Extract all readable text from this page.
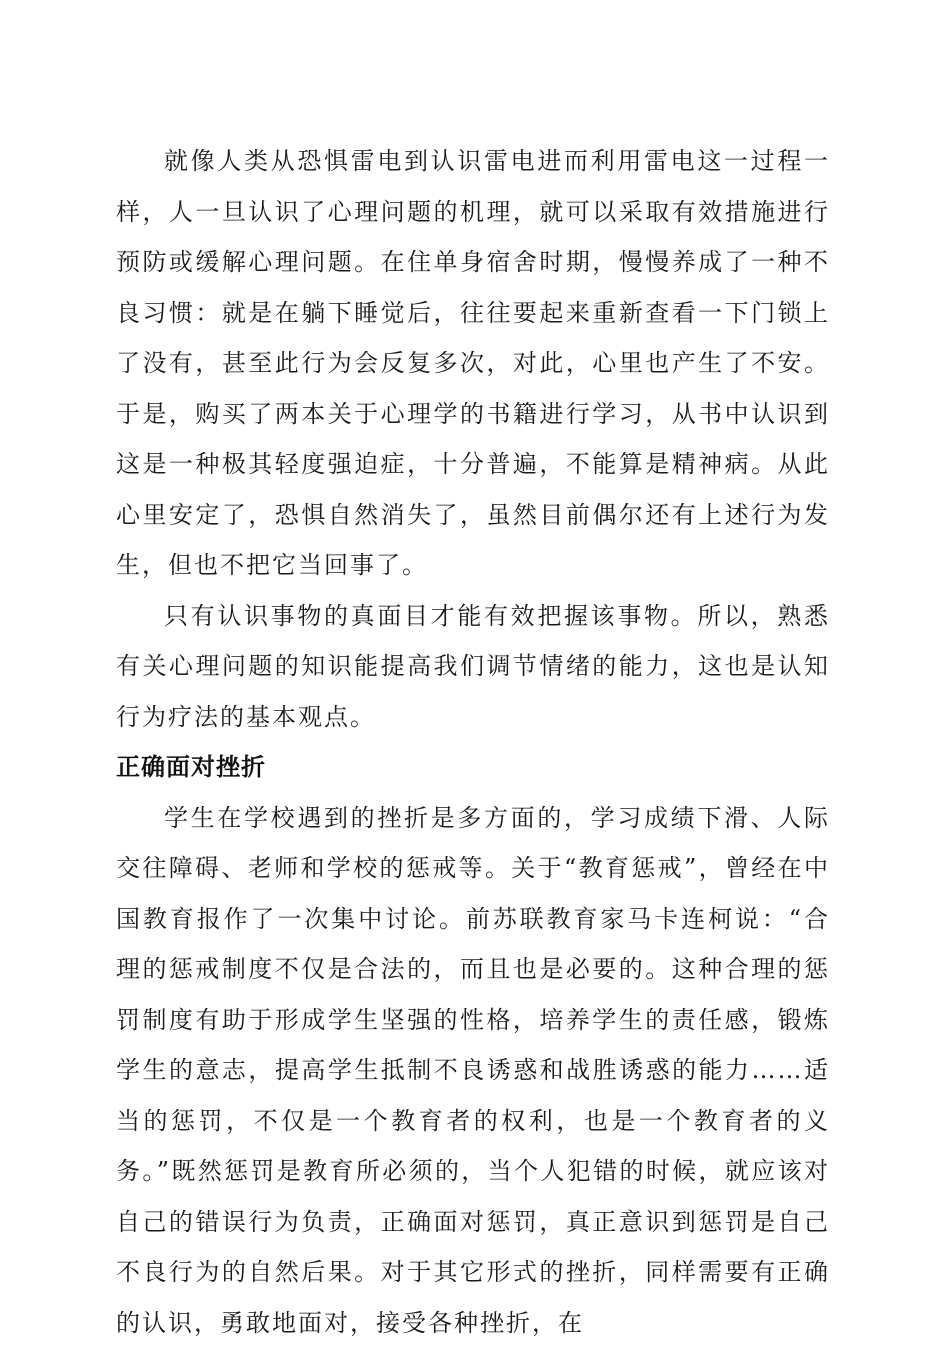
就像人类从恐惧雷电到认识雷电进而利用雷电这一过程一样，人一旦认识了心理问题的机理，就可以采取有效措施进行预防或缓解心理问题。在住单身宿舍时期，慢慢养成了一种不良习惯：就是在躺下睡觉后，往往要起来重新查看一下门锁上了没有，甚至此行为会反复多次，对此，心里也产生了不安。于是，购买了两本关于心理学的书籍进行学习，从书中认识到这是一种极其轻度强迫症，十分普遍，不能算是精神病。从此心里安定了，恐惧自然消失了，虽然目前偶尔还有上述行为发生，但也不把它当回事了。

只有认识事物的真面目才能有效把握该事物。所以，熟悉有关心理问题的知识能提高我们调节情绪的能力，这也是认知行为疗法的基本观点。

正确面对挫折

学生在学校遇到的挫折是多方面的，学习成绩下滑、人际交往障碍、老师和学校的惩戒等。关于“教育惩戒”，曾经在中国教育报作了一次集中讨论。前苏联教育家马卡连柯说：“合理的惩戒制度不仅是合法的，而且也是必要的。这种合理的惩罚制度有助于形成学生坚强的性格，培养学生的责任感，锻炼学生的意志，提高学生抵制不良诱惑和战胜诱惑的能力……适当的惩罚，不仅是一个教育者的权利，也是一个教育者的义务。”既然惩罚是教育所必须的，当个人犯错的时候，就应该对自己的错误行为负责，正确面对惩罚，真正意识到惩罚是自己不良行为的自然后果。对于其它形式的挫折，同样需要有正确的认识，勇敢地面对，接受各种挫折，在
